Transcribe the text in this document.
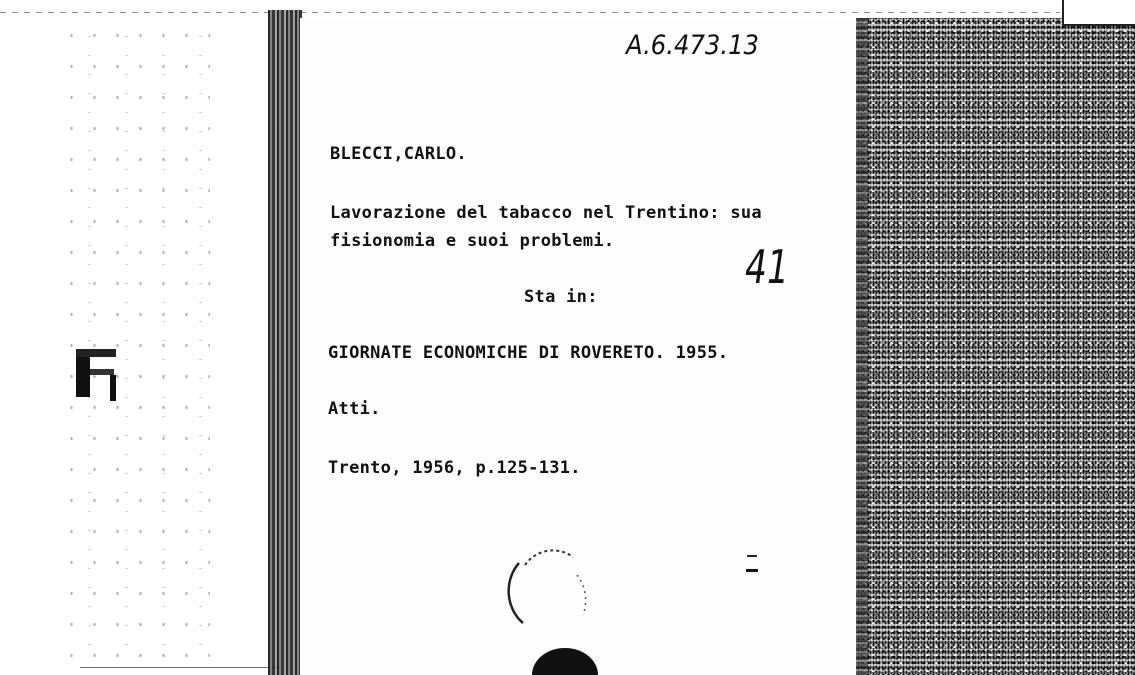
A.6.473.13
41

BLECCI,CARLO.

Lavorazione del tabacco nel Trentino: sua

fisionomia e suoi problemi.

Sta in:

GIORNATE ECONOMICHE DI ROVERETO. 1955.

Atti.

Trento, 1956, p.125-131.
